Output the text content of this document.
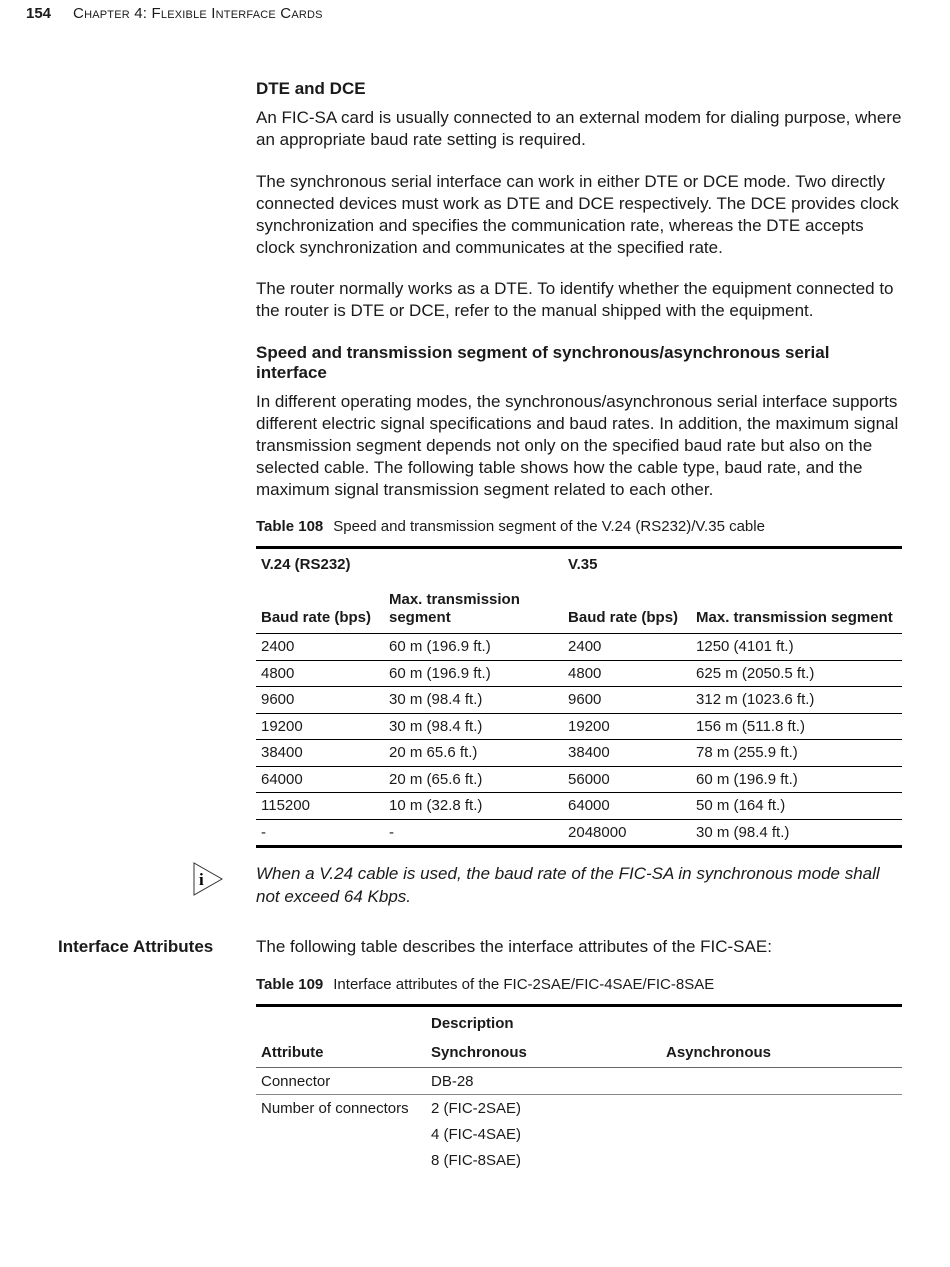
154 Chapter 4: Flexible Interface Cards

DTE and DCE

An FIC-SA card is usually connected to an external modem for dialing purpose, where an appropriate baud rate setting is required.

The synchronous serial interface can work in either DTE or DCE mode. Two directly connected devices must work as DTE and DCE respectively. The DCE provides clock synchronization and specifies the communication rate, whereas the DTE accepts clock synchronization and communicates at the specified rate.

The router normally works as a DTE. To identify whether the equipment connected to the router is DTE or DCE, refer to the manual shipped with the equipment.

Speed and transmission segment of synchronous/asynchronous serial interface

In different operating modes, the synchronous/asynchronous serial interface supports different electric signal specifications and baud rates. In addition, the maximum signal transmission segment depends not only on the specified baud rate but also on the selected cable. The following table shows how the cable type, baud rate, and the maximum signal transmission segment related to each other.

Table 108 Speed and transmission segment of the V.24 (RS232)/V.35 cable
V.24 (RS232)		V.35	
Baud rate (bps)	Max. transmission segment	Baud rate (bps)	Max. transmission segment
2400	60 m (196.9 ft.)	2400	1250 (4101 ft.)
4800	60 m (196.9 ft.)	4800	625 m (2050.5 ft.)
9600	30 m (98.4 ft.)	9600	312 m (1023.6 ft.)
19200	30 m (98.4 ft.)	19200	156 m (511.8 ft.)
38400	20 m 65.6 ft.)	38400	78 m (255.9 ft.)
64000	20 m (65.6 ft.)	56000	60 m (196.9 ft.)
115200	10 m (32.8 ft.)	64000	50 m (164 ft.)
-	-	2048000	30 m (98.4 ft.)
i	When a V.24 cable is used, the baud rate of the FIC-SA in synchronous mode shall not exceed 64 Kbps.
Interface Attributes	The following table describes the interface attributes of the FIC-SAE:

Table 109 Interface attributes of the FIC-2SAE/FIC-4SAE/FIC-8SAE
	Description	
Attribute	Synchronous	Asynchronous
Connector	DB-28	
Number of connectors	2 (FIC-2SAE)	
	4 (FIC-4SAE)	
	8 (FIC-8SAE)	
